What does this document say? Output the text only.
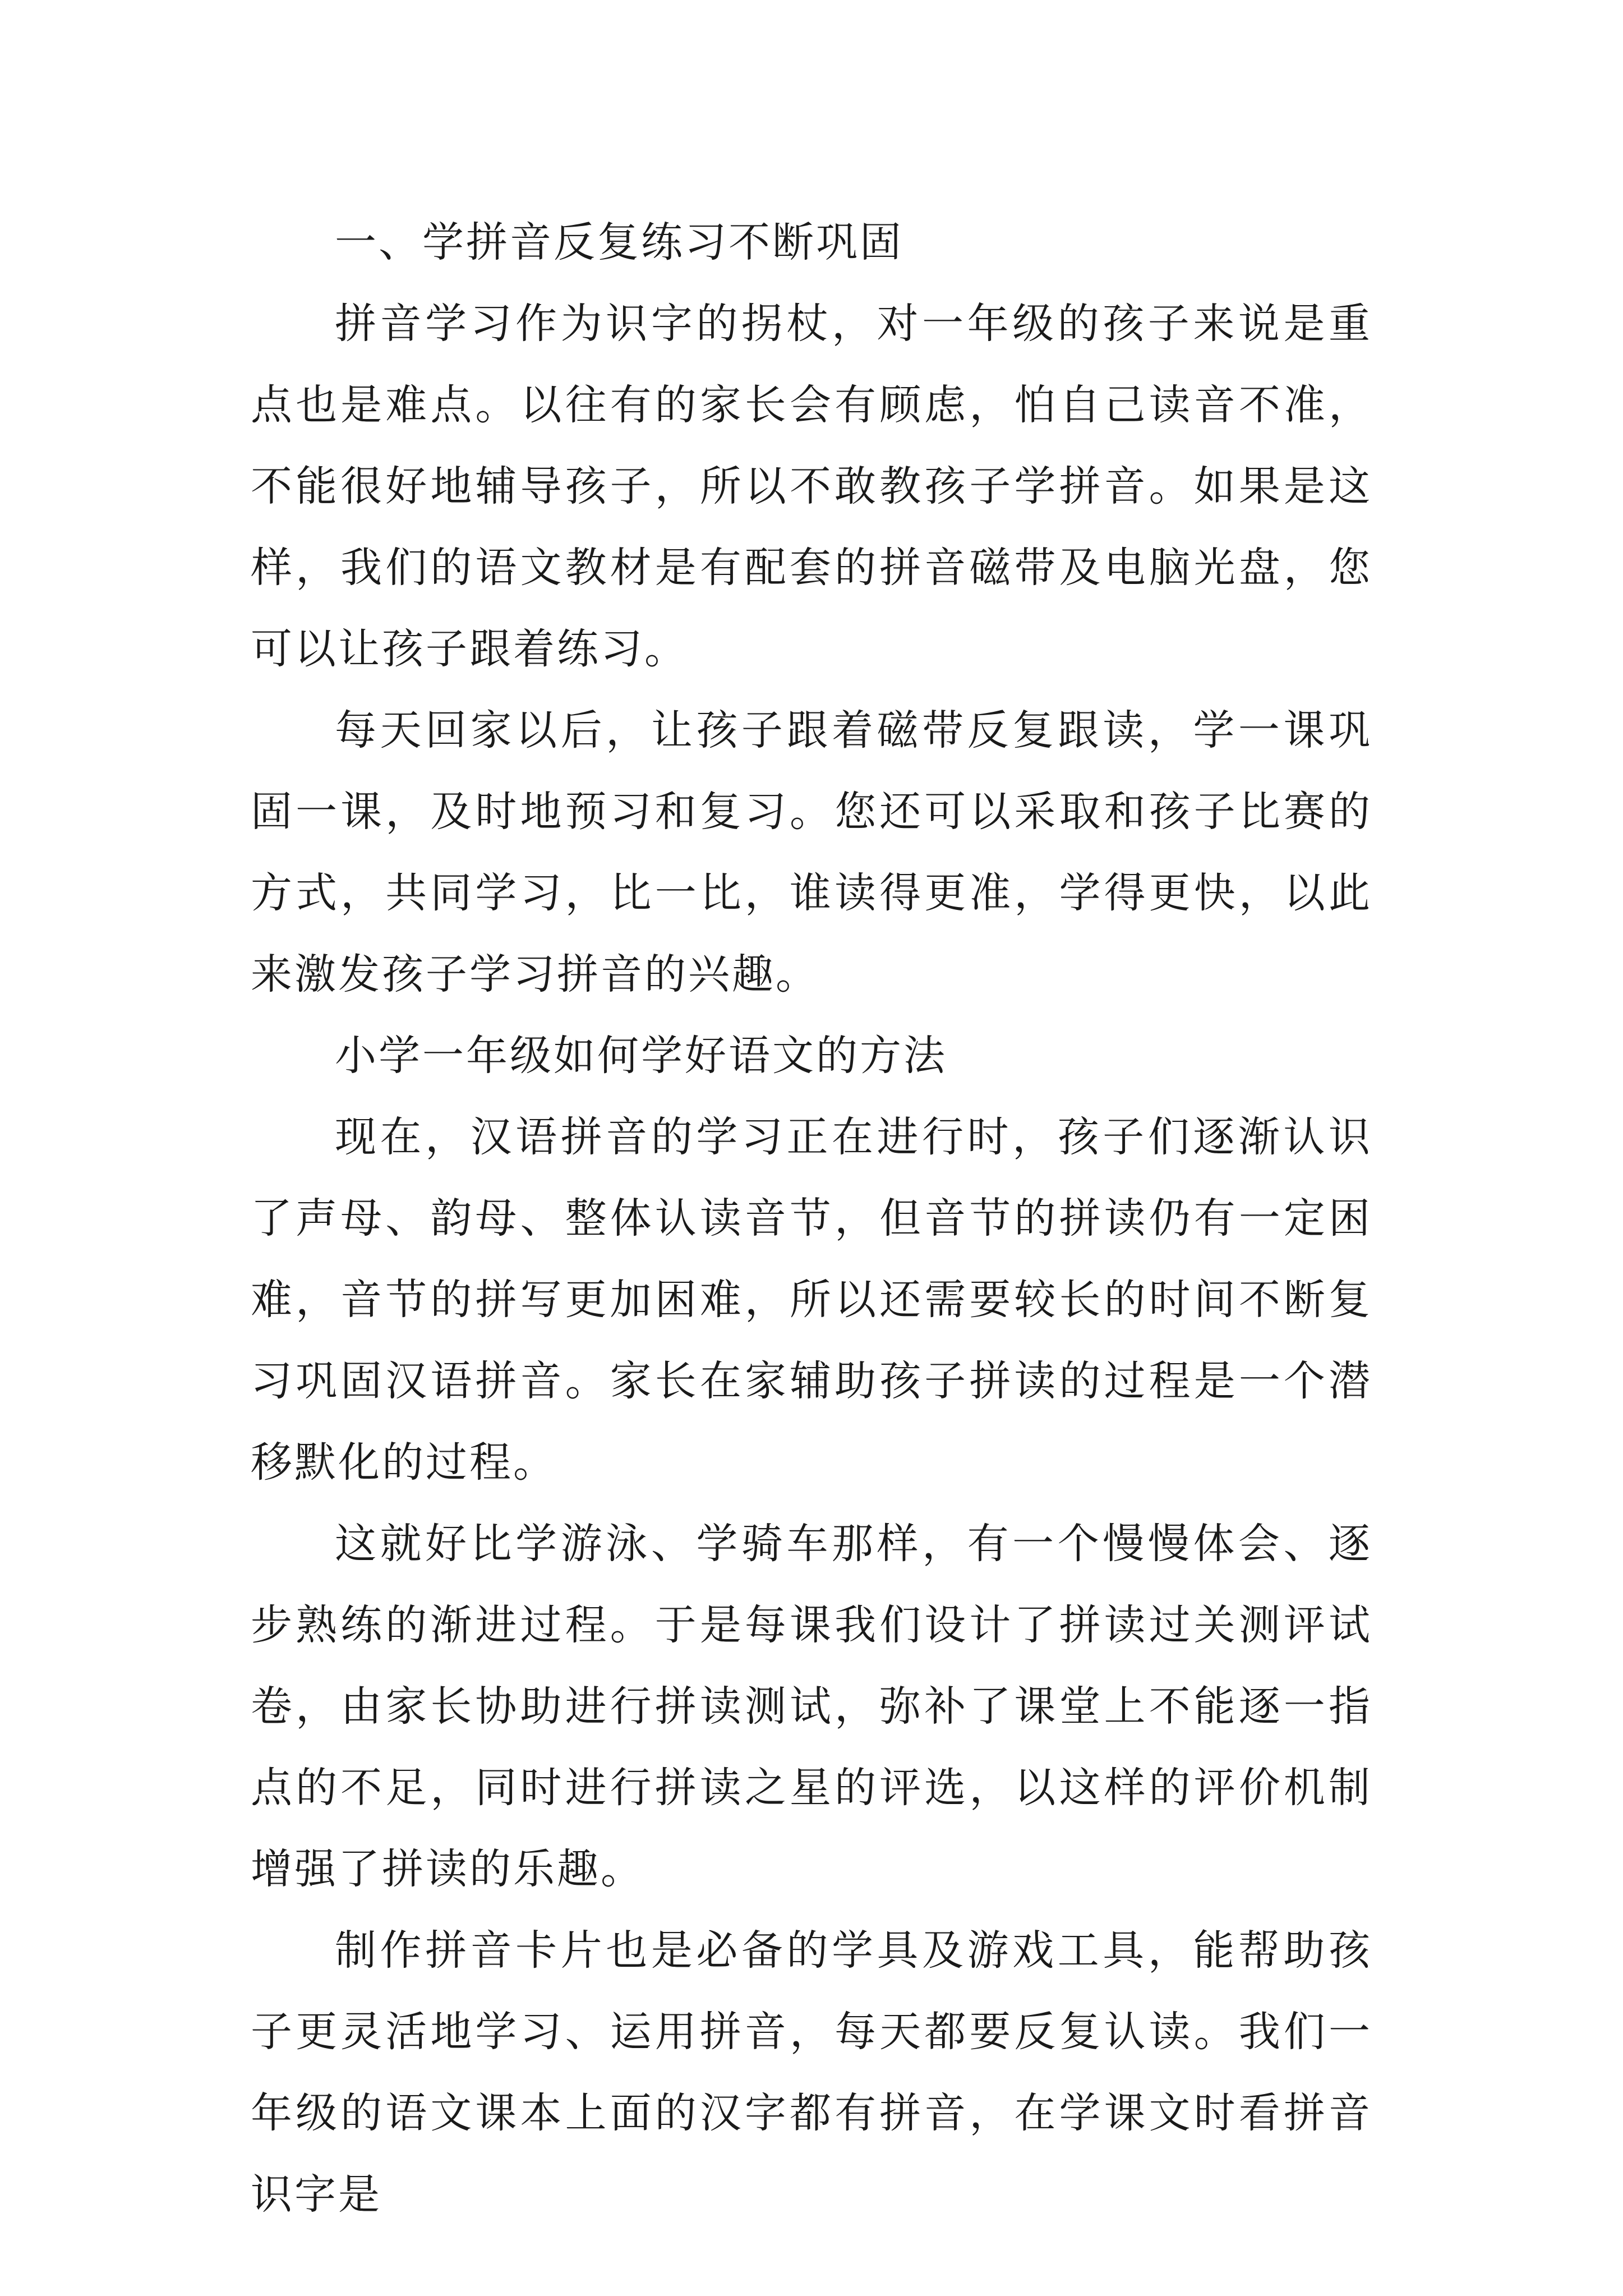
一、学拼音反复练习不断巩固

拼音学习作为识字的拐杖，对一年级的孩子来说是重点也是难点。以往有的家长会有顾虑，怕自己读音不准，不能很好地辅导孩子，所以不敢教孩子学拼音。如果是这样，我们的语文教材是有配套的拼音磁带及电脑光盘，您可以让孩子跟着练习。

每天回家以后，让孩子跟着磁带反复跟读，学一课巩固一课，及时地预习和复习。您还可以采取和孩子比赛的方式，共同学习，比一比，谁读得更准，学得更快，以此来激发孩子学习拼音的兴趣。

小学一年级如何学好语文的方法

现在，汉语拼音的学习正在进行时，孩子们逐渐认识了声母、韵母、整体认读音节，但音节的拼读仍有一定困难，音节的拼写更加困难，所以还需要较长的时间不断复习巩固汉语拼音。家长在家辅助孩子拼读的过程是一个潜移默化的过程。

这就好比学游泳、学骑车那样，有一个慢慢体会、逐步熟练的渐进过程。于是每课我们设计了拼读过关测评试卷，由家长协助进行拼读测试，弥补了课堂上不能逐一指点的不足，同时进行拼读之星的评选，以这样的评价机制增强了拼读的乐趣。

制作拼音卡片也是必备的学具及游戏工具，能帮助孩子更灵活地学习、运用拼音，每天都要反复认读。我们一年级的语文课本上面的汉字都有拼音，在学课文时看拼音识字是
